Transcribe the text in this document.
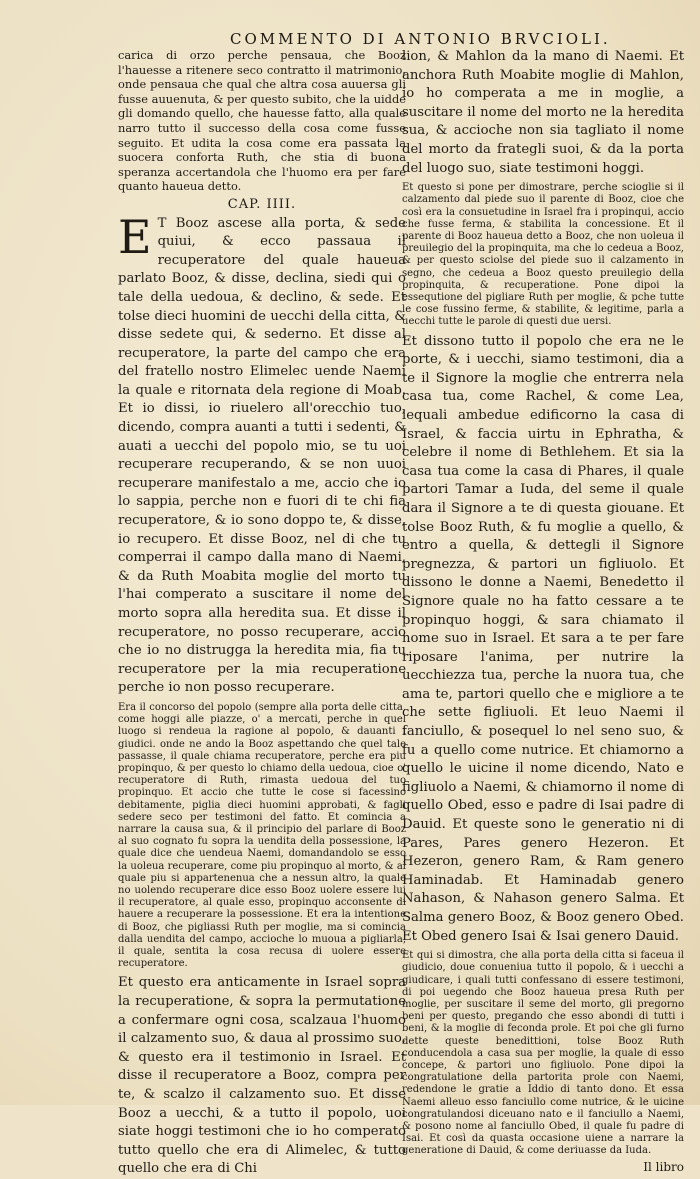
COMMENTO DI ANTONIO BRVCIOLI.

carica di orzo perche pensaua, che Booz l'hauesse a ritenere seco contratto il matrimonio, onde pensaua che qual che altra cosa auuersa gli fusse auuenuta, & per questo subito, che la uidde gli domando quello, che hauesse fatto, alla quale narro tutto il successo della cosa come fusse seguito. Et udita la cosa come era passata la suocera conforta Ruth, che stia di buona speranza accertandola che l'huomo era per fare quanto haueua detto.

CAP. IIII.

E T Booz ascese alla porta, & sede quiui, & ecco passaua il recuperatore del quale haueua parlato Booz, & disse, declina, siedi qui o tale della uedoua, & declino, & sede. Et tolse dieci huomini de uecchi della citta, & disse sedete qui, & sederno. Et disse al recuperatore, la parte del campo che era del fratello nostro Elimelec uende Naemi la quale e ritornata dela regione di Moab. Et io dissi, io riuelero all'orecchio tuo, dicendo, compra auanti a tutti i sedenti, & auati a uecchi del popolo mio, se tu uoi recuperare recuperando, & se non uuoi recuperare manifestalo a me, accio che io lo sappia, perche non e fuori di te chi fia recuperatore, & io sono doppo te, & disse, io recupero. Et disse Booz, nel di che tu comperrai il campo dalla mano di Naemi, & da Ruth Moabita moglie del morto tu l'hai comperato a suscitare il nome del morto sopra alla heredita sua. Et disse il recuperatore, no posso recuperare, accio che io no distrugga la heredita mia, fia tu recuperatore per la mia recuperatione perche io non posso recuperare.

Era il concorso del popolo (sempre alla porta delle citta, come hoggi alle piazze, o' a mercati, perche in quel luogo si rendeua la ragione al popolo, & dauanti i giudici. onde ne ando la Booz aspettando che quel tale passasse, il quale chiama recuperatore, perche era piu propinquo, & per questo lo chiamo della uedoua, cioe o' recuperatore di Ruth, rimasta uedoua del tuo propinquo. Et accio che tutte le cose si facessino debitamente, piglia dieci huomini approbati, & fagli sedere seco per testimoni del fatto. Et comincia a narrare la causa sua, & il principio del parlare di Booz al suo cognato fu sopra la uendita della possessione, la quale dice che uendeua Naemi, domandandolo se esso la uoleua recuperare, come piu propinquo al morto, & al quale piu si appartenenua che a nessun altro, la quale no uolendo recuperare dice esso Booz uolere essere lui il recuperatore, al quale esso, propinquo acconsente di hauere a recuperare la possessione. Et era la intentione di Booz, che pigliassi Ruth per moglie, ma si comincia dalla uendita del campo, accioche lo muoua a pigliarla, il quale, sentita la cosa recusa di uolere essere recuperatore.

Et questo era anticamente in Israel sopra la recuperatione, & sopra la permutatione a confermare ogni cosa, scalzaua l'huomo il calzamento suo, & daua al prossimo suo, & questo era il testimonio in Israel. Et disse il recuperatore a Booz, compra per te, & scalzo il calzamento suo. Et disse Booz a uecchi, & a tutto il popolo, uoi siate hoggi testimoni che io ho comperato tutto quello che era di Alimelec, & tutto quello che era di Chi

lion, & Mahlon da la mano di Naemi. Et anchora Ruth Moabite moglie di Mahlon, io ho comperata a me in moglie, a suscitare il nome del morto ne la heredita sua, & accioche non sia tagliato il nome del morto da frategli suoi, & da la porta del luogo suo, siate testimoni hoggi.

Et questo si pone per dimostrare, perche scioglie si il calzamento dal piede suo il parente di Booz, cioe che così era la consuetudine in Israel fra i propinqui, accio che fusse ferma, & stabilita la concessione. Et il parente di Booz haueua detto a Booz, che non uoleua il preuilegio del la propinquita, ma che lo cedeua a Booz, & per questo sciolse del piede suo il calzamento in segno, che cedeua a Booz questo preuilegio della propinquita, & recuperatione. Pone dipoi la essequtione del pigliare Ruth per moglie, & pche tutte le cose fussino ferme, & stabilite, & legitime, parla a uecchi tutte le parole di questi due uersi.

Et dissono tutto il popolo che era ne le porte, & i uecchi, siamo testimoni, dia a te il Signore la moglie che entrerra nela casa tua, come Rachel, & come Lea, lequali ambedue edificorno la casa di Israel, & faccia uirtu in Ephratha, & celebre il nome di Bethlehem. Et sia la casa tua come la casa di Phares, il quale partori Tamar a Iuda, del seme il quale dara il Signore a te di questa giouane. Et tolse Booz Ruth, & fu moglie a quello, & entro a quella, & dettegli il Signore pregnezza, & partori un figliuolo. Et dissono le donne a Naemi, Benedetto il Signore quale no ha fatto cessare a te propinquo hoggi, & sara chiamato il nome suo in Israel. Et sara a te per fare riposare l'anima, per nutrire la uecchiezza tua, perche la nuora tua, che ama te, partori quello che e migliore a te che sette figliuoli. Et leuo Naemi il fanciullo, & posequel lo nel seno suo, & fu a quello come nutrice. Et chiamorno a quello le uicine il nome dicendo, Nato e figliuolo a Naemi, & chiamorno il nome di quello Obed, esso e padre di Isai padre di Dauid. Et queste sono le generatio ni di Pares, Pares genero Hezeron. Et Hezeron, genero Ram, & Ram genero Haminadab. Et Haminadab genero Nahason, & Nahason genero Salma. Et Salma genero Booz, & Booz genero Obed. Et Obed genero Isai & Isai genero Dauid.

Et qui si dimostra, che alla porta della citta si faceua il giudicio, doue conueniua tutto il popolo, & i uecchi a giudicare, i quali tutti confessano di essere testimoni, di poi uegendo che Booz haueua presa Ruth per moglie, per suscitare il seme del morto, gli pregorno beni per questo, pregando che esso abondi di tutti i beni, & la moglie di feconda prole. Et poi che gli furno dette queste benedittioni, tolse Booz Ruth conducendola a casa sua per moglie, la quale di esso concepe, & partori uno figliuolo. Pone dipoi la congratulatione della partorita prole con Naemi, redendone le gratie a Iddio di tanto dono. Et essa Naemi alleuo esso fanciullo come nutrice, & le uicine congratulandosi diceuano nato e il fanciullo a Naemi, & posono nome al fanciullo Obed, il quale fu padre di Isai. Et così da quasta occasione uiene a narrare la generatione di Dauid, & come deriuasse da Iuda.

Il libro
